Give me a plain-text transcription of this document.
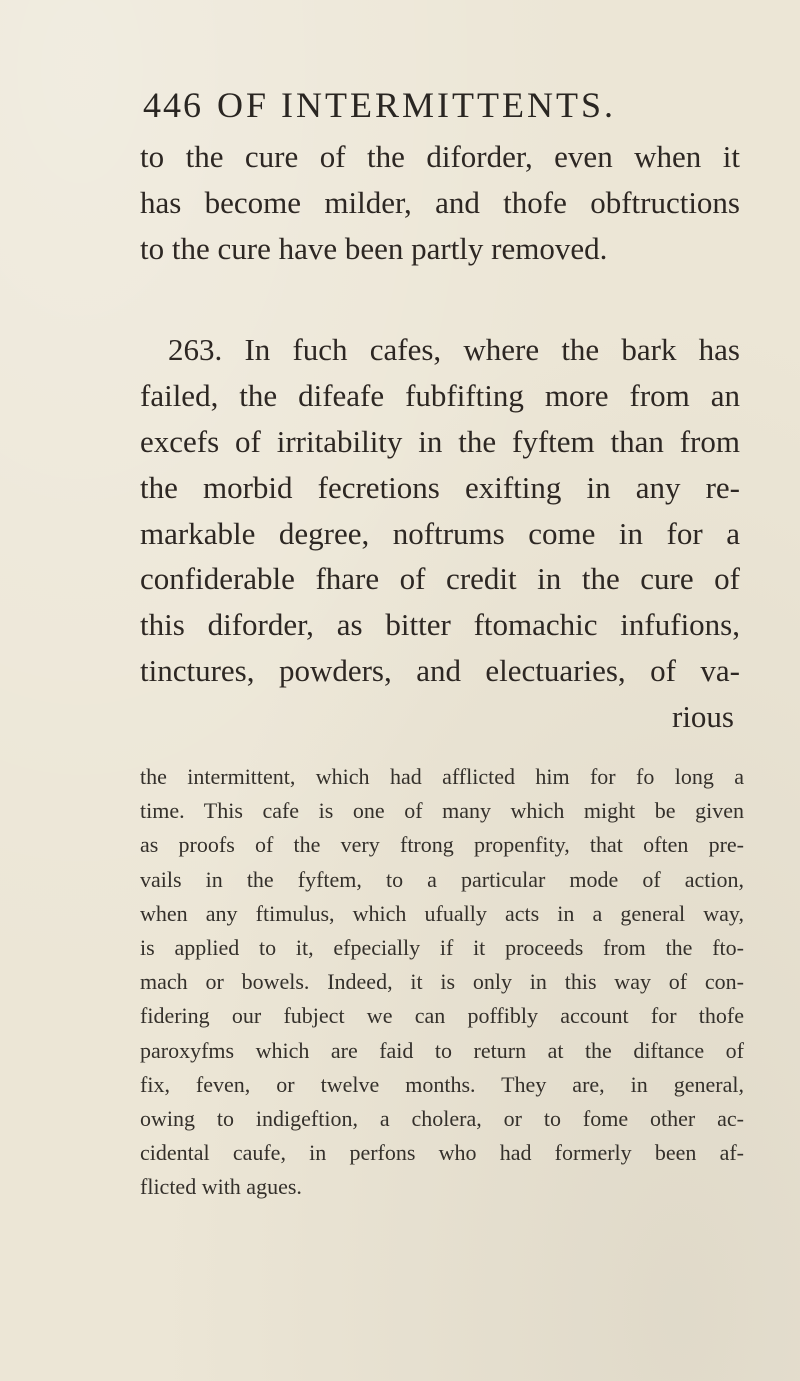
446 OF INTERMITTENTS.
to the cure of the diforder, even when it
has become milder, and thofe obftructions
to the cure have been partly removed.
263. In fuch cafes, where the bark has
failed, the difeafe fubfifting more from an
excefs of irritability in the fyftem than from
the morbid fecretions exifting in any re-
markable degree, noftrums come in for a
confiderable fhare of credit in the cure of
this diforder, as bitter ftomachic infufions,
tinctures, powders, and electuaries, of va-
rious
the intermittent, which had afflicted him for fo long a
time. This cafe is one of many which might be given
as proofs of the very ftrong propenfity, that often pre-
vails in the fyftem, to a particular mode of action,
when any ftimulus, which ufually acts in a general way,
is applied to it, efpecially if it proceeds from the fto-
mach or bowels. Indeed, it is only in this way of con-
fidering our fubject we can poffibly account for thofe
paroxyfms which are faid to return at the diftance of
fix, feven, or twelve months. They are, in general,
owing to indigeftion, a cholera, or to fome other ac-
cidental caufe, in perfons who had formerly been af-
flicted with agues.
